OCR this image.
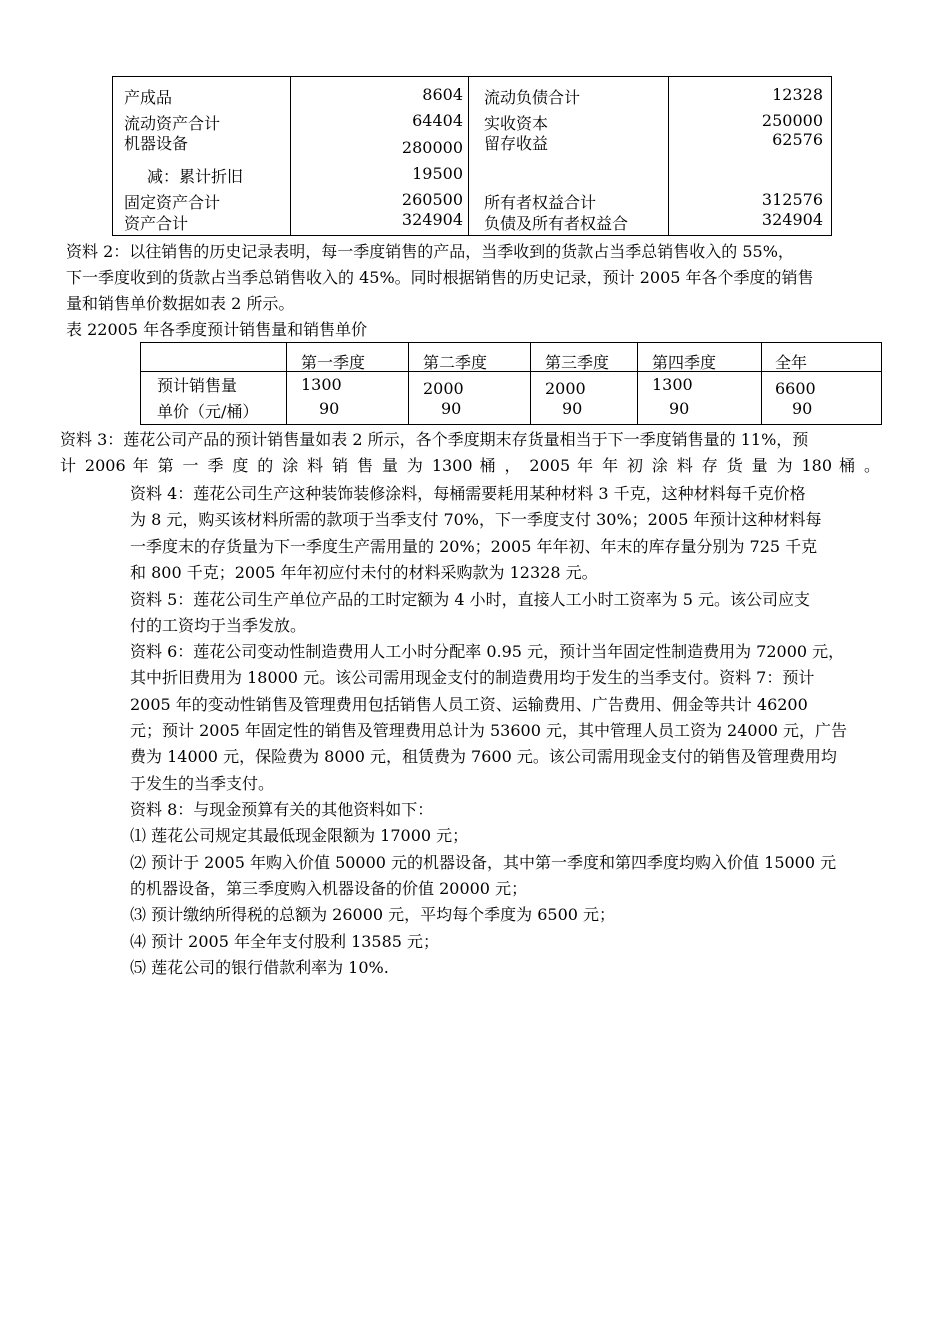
产成品	8604 流动负债合计	12328
流动资产合计	64404 实收资本	250000
机器设备	280000 留存收益	62576
减：累计折旧	19500
固定资产合计	260500 所有者权益合计	312576
资产合计	324904 负债及所有者权益合	324904
资料 2：以往销售的历史记录表明，每一季度销售的产品，当季收到的货款占当季总销售收入的 55%，
下一季度收到的货款占当季总销售收入的 45%。同时根据销售的历史记录，预计 2005 年各个季度的销售
量和销售单价数据如表 2 所示。
表 22005 年各季度预计销售量和销售单价
第一季度	第二季度	第三季度	第四季度	全年
预计销售量	1300	2000	2000	1300	6600
单价（元/桶）	90	90	90	90	90
资料 3：莲花公司产品的预计销售量如表 2 所示，各个季度期末存货量相当于下一季度销售量的 11%，预
计 2006 年 第 一 季 度 的 涂 料 销 售 量 为 1300 桶 ， 2005 年 年 初 涂 料 存 货 量 为 180 桶 。
资料 4：莲花公司生产这种装饰装修涂料，每桶需要耗用某种材料 3 千克，这种材料每千克价格
为 8 元，购买该材料所需的款项于当季支付 70%，下一季度支付 30%；2005 年预计这种材料每
一季度末的存货量为下一季度生产需用量的 20%；2005 年年初、年末的库存量分别为 725 千克
和 800 千克；2005 年年初应付未付的材料采购款为 12328 元。
资料 5：莲花公司生产单位产品的工时定额为 4 小时，直接人工小时工资率为 5 元。该公司应支
付的工资均于当季发放。
资料 6：莲花公司变动性制造费用人工小时分配率 0.95 元，预计当年固定性制造费用为 72000 元，
其中折旧费用为 18000 元。该公司需用现金支付的制造费用均于发生的当季支付。资料 7：预计
2005 年的变动性销售及管理费用包括销售人员工资、运输费用、广告费用、佣金等共计 46200
元；预计 2005 年固定性的销售及管理费用总计为 53600 元，其中管理人员工资为 24000 元，广告
费为 14000 元，保险费为 8000 元，租赁费为 7600 元。该公司需用现金支付的销售及管理费用均
于发生的当季支付。
资料 8：与现金预算有关的其他资料如下：
⑴ 莲花公司规定其最低现金限额为 17000 元；
⑵ 预计于 2005 年购入价值 50000 元的机器设备，其中第一季度和第四季度均购入价值 15000 元
的机器设备，第三季度购入机器设备的价值 20000 元；
⑶ 预计缴纳所得税的总额为 26000 元，平均每个季度为 6500 元；
⑷ 预计 2005 年全年支付股利 13585 元；
⑸ 莲花公司的银行借款利率为 10%.
